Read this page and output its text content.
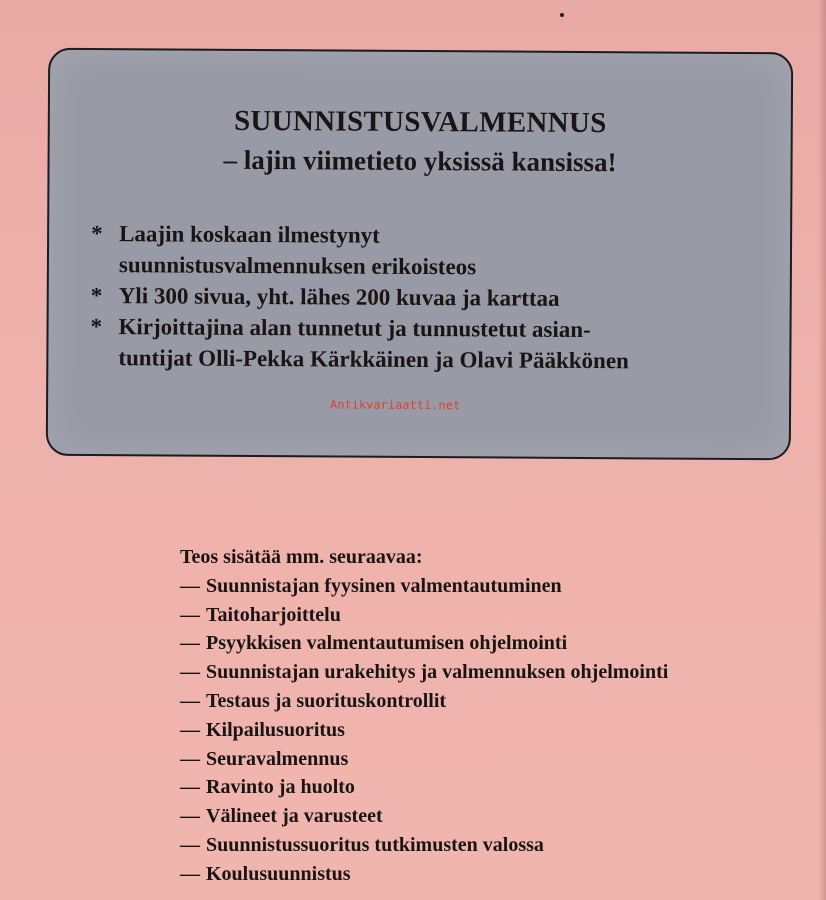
SUUNNISTUSVALMENNUS
– lajin viimetieto yksissä kansissa!
* Laajin koskaan ilmestynyt
suunnistusvalmennuksen erikoisteos
* Yli 300 sivua, yht. lähes 200 kuvaa ja karttaa
* Kirjoittajina alan tunnetut ja tunnustetut asian-
tuntijat Olli-Pekka Kärkkäinen ja Olavi Pääkkönen
Antikvariaatti.net

Teos sisätää mm. seuraavaa:

— Suunnistajan fyysinen valmentautuminen
— Taitoharjoittelu
— Psyykkisen valmentautumisen ohjelmointi
— Suunnistajan urakehitys ja valmennuksen ohjelmointi
— Testaus ja suorituskontrollit
— Kilpailusuoritus
— Seuravalmennus
— Ravinto ja huolto
— Välineet ja varusteet
— Suunnistussuoritus tutkimusten valossa
— Koulusuunnistus
